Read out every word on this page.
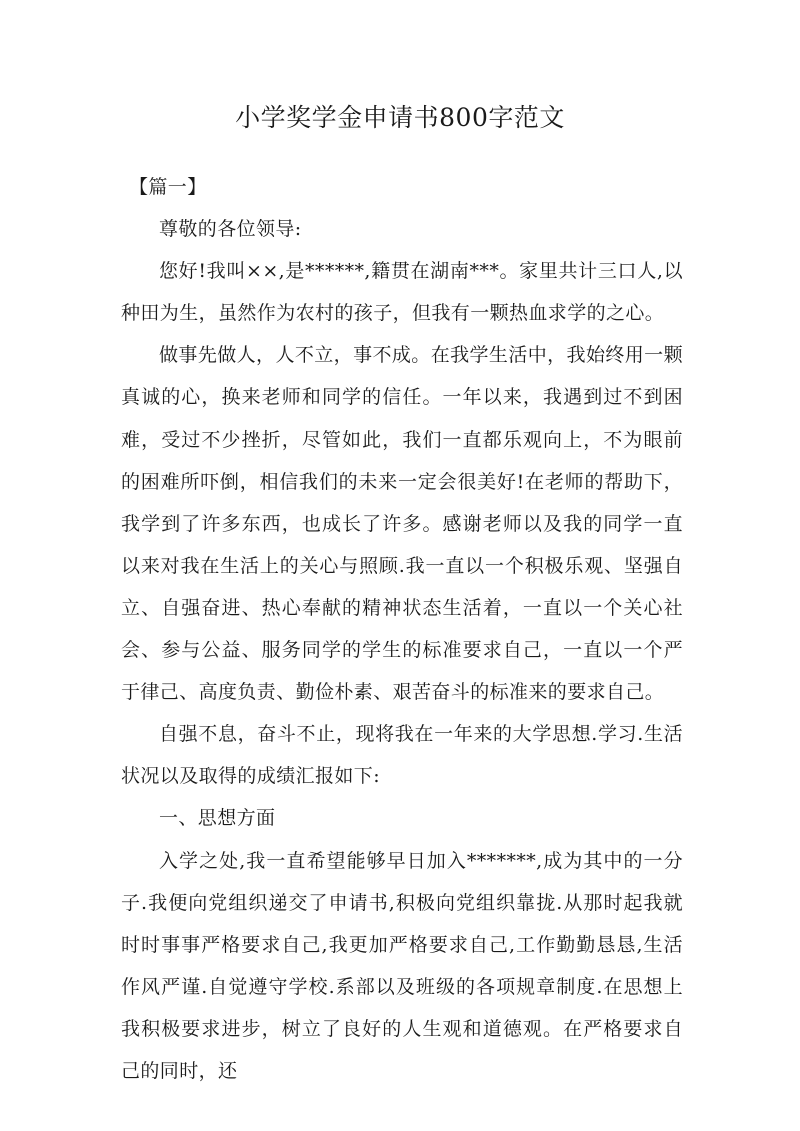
小学奖学金申请书800字范文

【篇一】

尊敬的各位领导:

您好!我叫××,是******,籍贯在湖南***。家里共计三口人,以种田为生，虽然作为农村的孩子，但我有一颗热血求学的之心。

做事先做人，人不立，事不成。在我学生活中，我始终用一颗真诚的心，换来老师和同学的信任。一年以来，我遇到过不到困难，受过不少挫折，尽管如此，我们一直都乐观向上，不为眼前的困难所吓倒，相信我们的未来一定会很美好!在老师的帮助下，我学到了许多东西，也成长了许多。感谢老师以及我的同学一直以来对我在生活上的关心与照顾.我一直以一个积极乐观、坚强自立、自强奋进、热心奉献的精神状态生活着，一直以一个关心社会、参与公益、服务同学的学生的标准要求自己，一直以一个严于律己、高度负责、勤俭朴素、艰苦奋斗的标准来的要求自己。

自强不息，奋斗不止，现将我在一年来的大学思想.学习.生活状况以及取得的成绩汇报如下:

一、思想方面

入学之处,我一直希望能够早日加入*******,成为其中的一分子.我便向党组织递交了申请书,积极向党组织靠拢.从那时起我就时时事事严格要求自己,我更加严格要求自己,工作勤勤恳恳,生活作风严谨.自觉遵守学校.系部以及班级的各项规章制度.在思想上我积极要求进步，树立了良好的人生观和道德观。在严格要求自己的同时，还
